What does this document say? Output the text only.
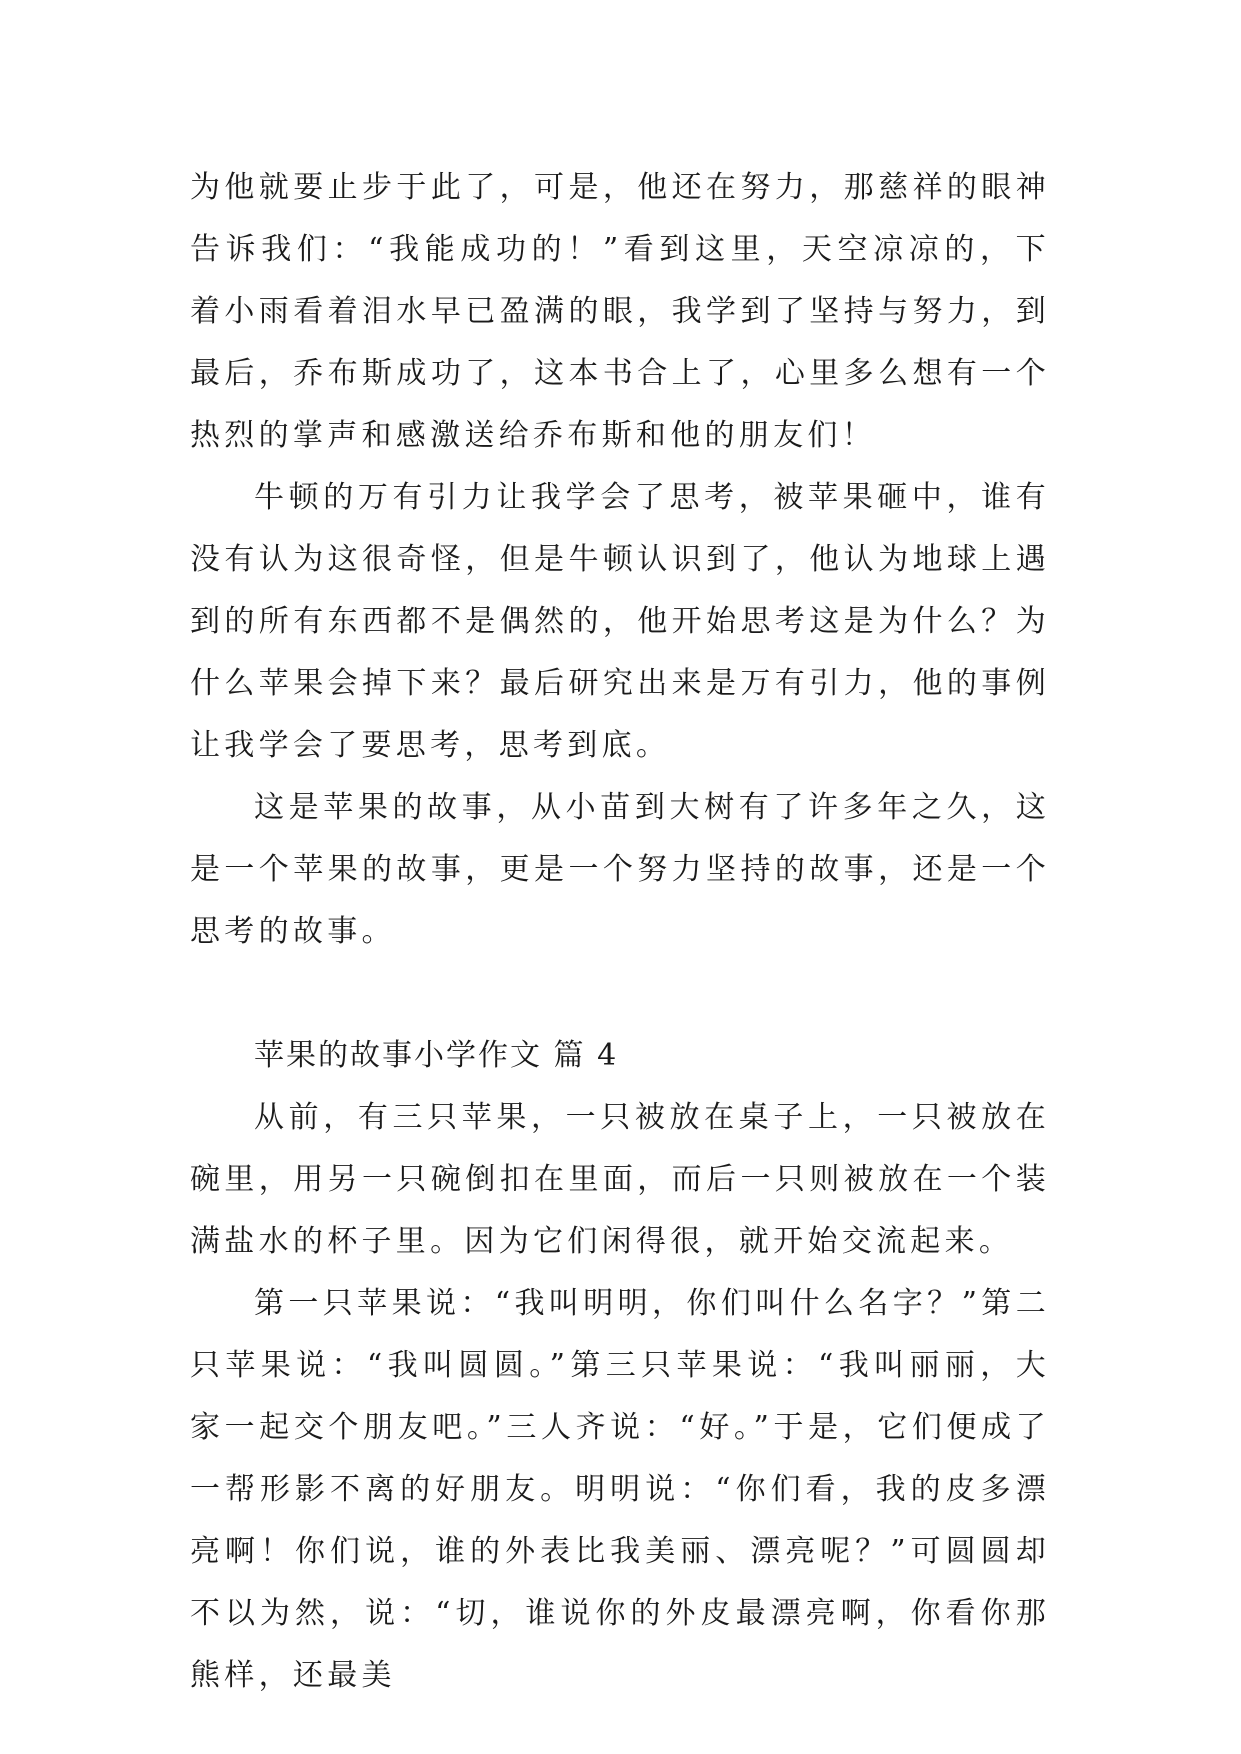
为他就要止步于此了，可是，他还在努力，那慈祥的眼神告诉我们：“我能成功的！”看到这里，天空凉凉的，下着小雨看着泪水早已盈满的眼，我学到了坚持与努力，到最后，乔布斯成功了，这本书合上了，心里多么想有一个热烈的掌声和感激送给乔布斯和他的朋友们！

牛顿的万有引力让我学会了思考，被苹果砸中，谁有没有认为这很奇怪，但是牛顿认识到了，他认为地球上遇到的所有东西都不是偶然的，他开始思考这是为什么？为什么苹果会掉下来？最后研究出来是万有引力，他的事例让我学会了要思考，思考到底。

这是苹果的故事，从小苗到大树有了许多年之久，这是一个苹果的故事，更是一个努力坚持的故事，还是一个思考的故事。

苹果的故事小学作文 篇 4

从前，有三只苹果，一只被放在桌子上，一只被放在碗里，用另一只碗倒扣在里面，而后一只则被放在一个装满盐水的杯子里。因为它们闲得很，就开始交流起来。

第一只苹果说：“我叫明明，你们叫什么名字？”第二只苹果说：“我叫圆圆。”第三只苹果说：“我叫丽丽，大家一起交个朋友吧。”三人齐说：“好。”于是，它们便成了一帮形影不离的好朋友。明明说：“你们看，我的皮多漂亮啊！你们说，谁的外表比我美丽、漂亮呢？”可圆圆却不以为然，说：“切，谁说你的外皮最漂亮啊，你看你那熊样，还最美
